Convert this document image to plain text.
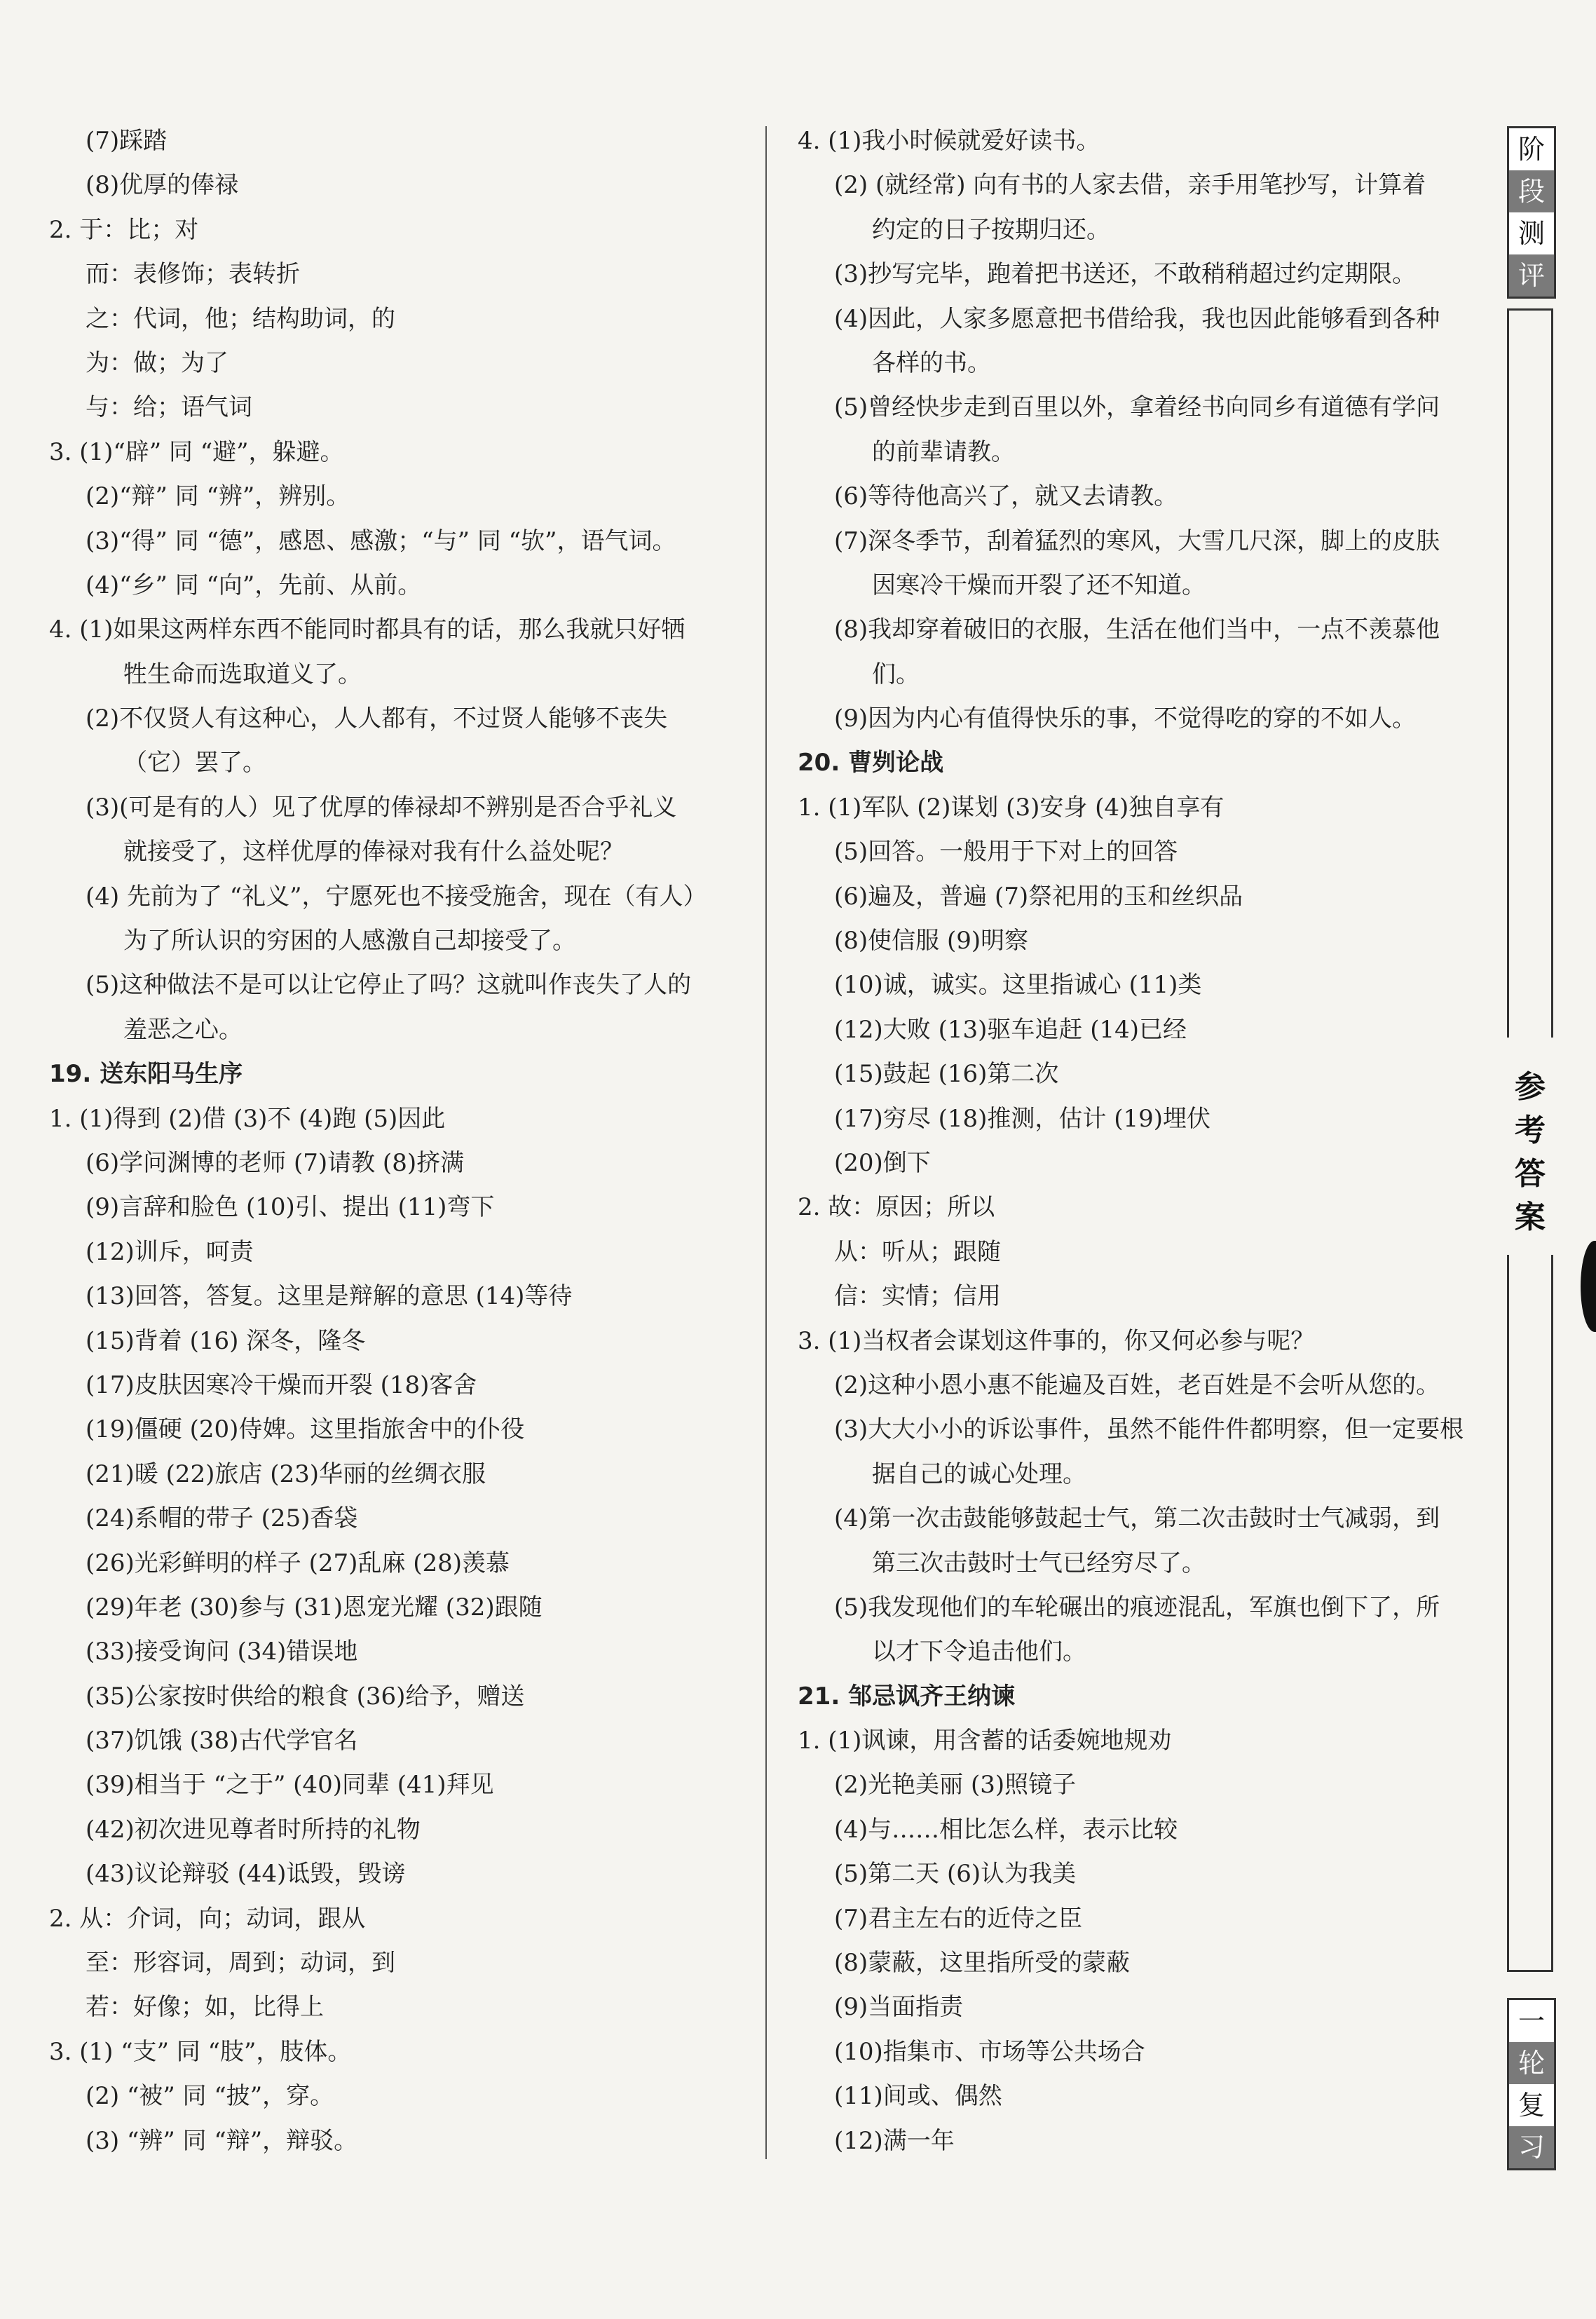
(7)踩踏
(8)优厚的俸禄
2. 于：比；对
而：表修饰；表转折
之：代词，他；结构助词，的
为：做；为了
与：给；语气词
3. (1)“辟” 同 “避”，躲避。
(2)“辩” 同 “辨”，辨别。
(3)“得” 同 “德”，感恩、感激；“与” 同 “欤”，语气词。
(4)“乡” 同 “向”，先前、从前。
4. (1)如果这两样东西不能同时都具有的话，那么我就只好牺
牲生命而选取道义了。
(2)不仅贤人有这种心，人人都有，不过贤人能够不丧失
（它）罢了。
(3)(可是有的人）见了优厚的俸禄却不辨别是否合乎礼义
就接受了，这样优厚的俸禄对我有什么益处呢？
(4) 先前为了 “礼义”，宁愿死也不接受施舍，现在（有人）
为了所认识的穷困的人感激自己却接受了。
(5)这种做法不是可以让它停止了吗？这就叫作丧失了人的
羞恶之心。
19. 送东阳马生序
1. (1)得到 (2)借 (3)不 (4)跑 (5)因此
(6)学问渊博的老师 (7)请教 (8)挤满
(9)言辞和脸色 (10)引、提出 (11)弯下
(12)训斥，呵责
(13)回答，答复。这里是辩解的意思 (14)等待
(15)背着 (16) 深冬，隆冬
(17)皮肤因寒冷干燥而开裂 (18)客舍
(19)僵硬 (20)侍婢。这里指旅舍中的仆役
(21)暖 (22)旅店 (23)华丽的丝绸衣服
(24)系帽的带子 (25)香袋
(26)光彩鲜明的样子 (27)乱麻 (28)羡慕
(29)年老 (30)参与 (31)恩宠光耀 (32)跟随
(33)接受询问 (34)错误地
(35)公家按时供给的粮食 (36)给予，赠送
(37)饥饿 (38)古代学官名
(39)相当于 “之于” (40)同辈 (41)拜见
(42)初次进见尊者时所持的礼物
(43)议论辩驳 (44)诋毁，毁谤
2. 从：介词，向；动词，跟从
至：形容词，周到；动词，到
若：好像；如，比得上
3. (1) “支” 同 “肢”，肢体。
(2) “被” 同 “披”，穿。
(3) “辨” 同 “辩”，辩驳。
4. (1)我小时候就爱好读书。
(2) (就经常) 向有书的人家去借，亲手用笔抄写，计算着
约定的日子按期归还。
(3)抄写完毕，跑着把书送还，不敢稍稍超过约定期限。
(4)因此，人家多愿意把书借给我，我也因此能够看到各种
各样的书。
(5)曾经快步走到百里以外，拿着经书向同乡有道德有学问
的前辈请教。
(6)等待他高兴了，就又去请教。
(7)深冬季节，刮着猛烈的寒风，大雪几尺深，脚上的皮肤
因寒冷干燥而开裂了还不知道。
(8)我却穿着破旧的衣服，生活在他们当中，一点不羡慕他
们。
(9)因为内心有值得快乐的事，不觉得吃的穿的不如人。
20. 曹刿论战
1. (1)军队 (2)谋划 (3)安身 (4)独自享有
(5)回答。一般用于下对上的回答
(6)遍及，普遍 (7)祭祀用的玉和丝织品
(8)使信服 (9)明察
(10)诚，诚实。这里指诚心 (11)类
(12)大败 (13)驱车追赶 (14)已经
(15)鼓起 (16)第二次
(17)穷尽 (18)推测，估计 (19)埋伏
(20)倒下
2. 故：原因；所以
从：听从；跟随
信：实情；信用
3. (1)当权者会谋划这件事的，你又何必参与呢？
(2)这种小恩小惠不能遍及百姓，老百姓是不会听从您的。
(3)大大小小的诉讼事件，虽然不能件件都明察，但一定要根
据自己的诚心处理。
(4)第一次击鼓能够鼓起士气，第二次击鼓时士气减弱，到
第三次击鼓时士气已经穷尽了。
(5)我发现他们的车轮碾出的痕迹混乱，军旗也倒下了，所
以才下令追击他们。
21. 邹忌讽齐王纳谏
1. (1)讽谏，用含蓄的话委婉地规劝
(2)光艳美丽 (3)照镜子
(4)与……相比怎么样，表示比较
(5)第二天 (6)认为我美
(7)君主左右的近侍之臣
(8)蒙蔽，这里指所受的蒙蔽
(9)当面指责
(10)指集市、市场等公共场合
(11)间或、偶然
(12)满一年
阶
段
测
评
参
考
答
案
一
轮
复
习
